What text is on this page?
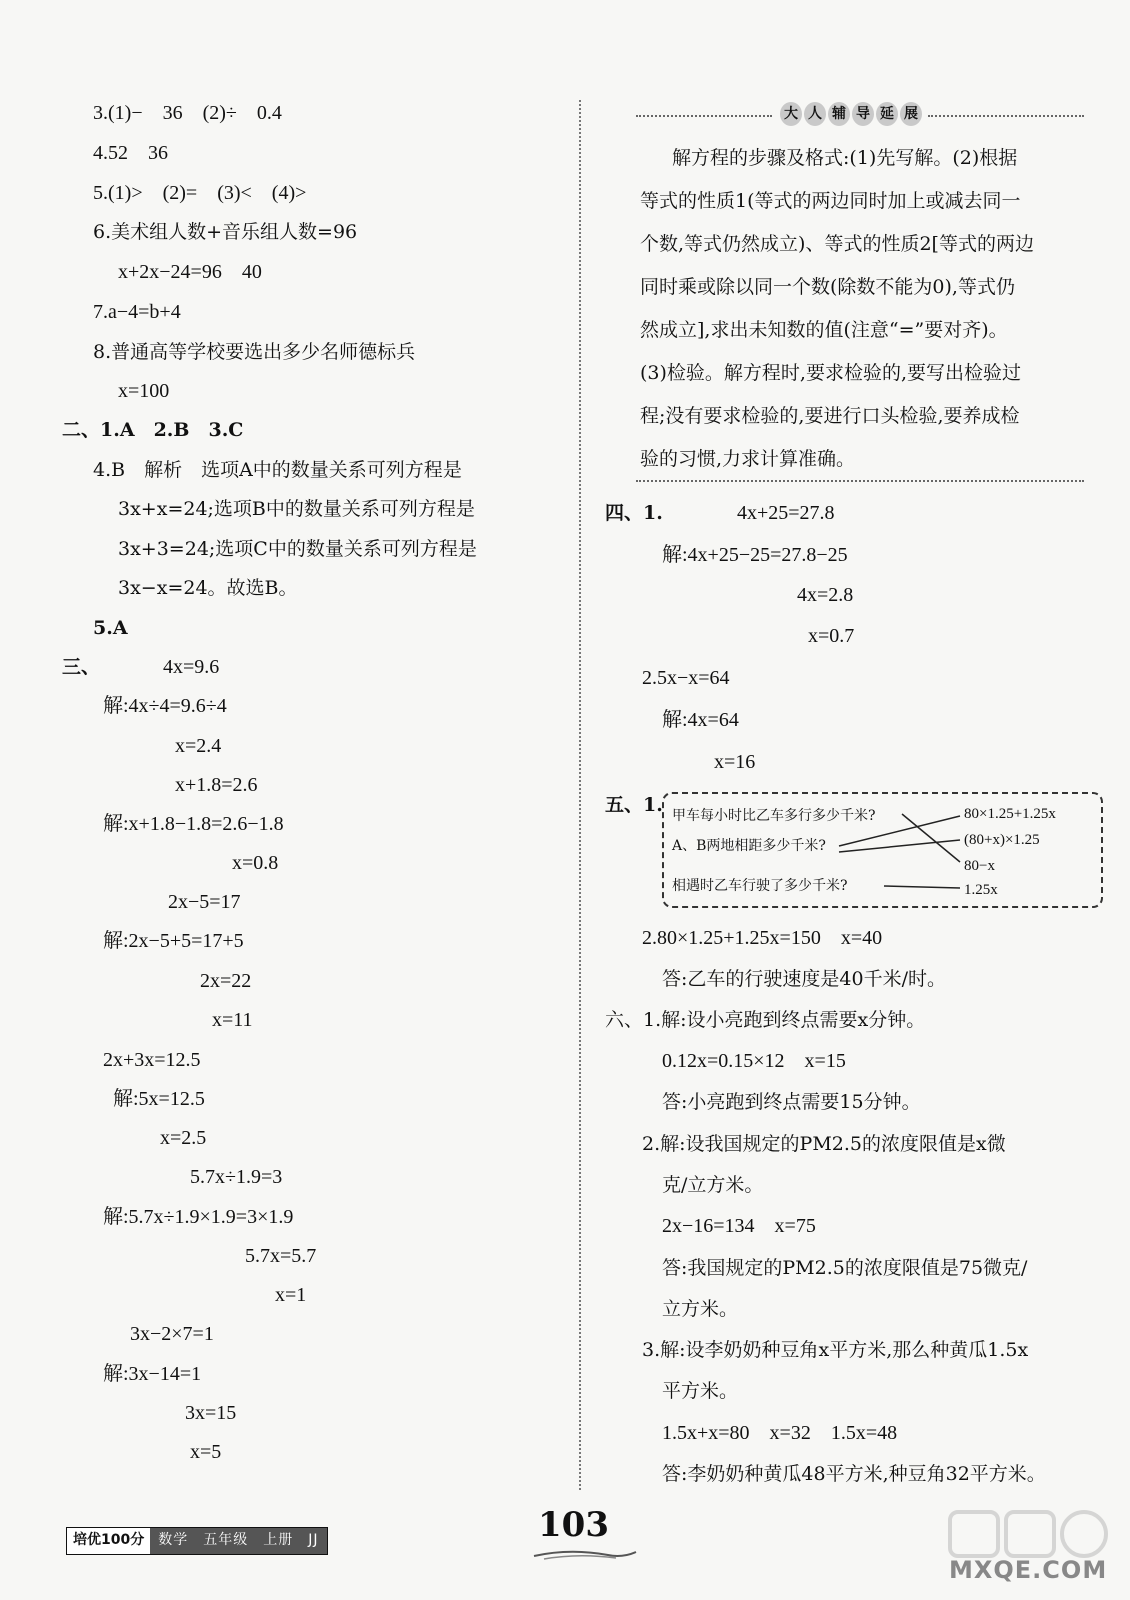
3.(1)−　36　(2)÷　0.4
4.52　36
5.(1)>　(2)=　(3)<　(4)>
6.美术组人数+音乐组人数=96
x+2x−24=96　40
7.a−4=b+4
8.普通高等学校要选出多少名师德标兵
x=100
二、1.A　2.B　3.C
4.B　解析　选项A中的数量关系可列方程是
3x+x=24;选项B中的数量关系可列方程是
3x+3=24;选项C中的数量关系可列方程是
3x−x=24。故选B。
5.A
三、	4x=9.6
解:4x÷4=9.6÷4
x=2.4
x+1.8=2.6
解:x+1.8−1.8=2.6−1.8
x=0.8
2x−5=17
解:2x−5+5=17+5
2x=22
x=11
2x+3x=12.5
解:5x=12.5
x=2.5
5.7x÷1.9=3
解:5.7x÷1.9×1.9=3×1.9
5.7x=5.7
x=1
3x−2×7=1
解:3x−14=1
3x=15
x=5
大 人 辅 导 延 展
解方程的步骤及格式:(1)先写解。(2)根据
等式的性质1(等式的两边同时加上或减去同一
个数,等式仍然成立)、等式的性质2[等式的两边
同时乘或除以同一个数(除数不能为0),等式仍
然成立],求出未知数的值(注意“=”要对齐)。
(3)检验。解方程时,要求检验的,要写出检验过
程;没有要求检验的,要进行口头检验,要养成检
验的习惯,力求计算准确。
四、1.	4x+25=27.8
解:4x+25−25=27.8−25
4x=2.8
x=0.7
2.5x−x=64
解:4x=64
x=16
五、1. 甲车每小时比乙车多行多少千米?
A、B两地相距多少千米?
相遇时乙车行驶了多少千米?
80×1.25+1.25x
(80+x)×1.25
80−x
1.25x
2.80×1.25+1.25x=150　x=40
答:乙车的行驶速度是40千米/时。
六、1.解:设小亮跑到终点需要x分钟。
0.12x=0.15×12　x=15
答:小亮跑到终点需要15分钟。
2.解:设我国规定的PM2.5的浓度限值是x微
克/立方米。
2x−16=134　x=75
答:我国规定的PM2.5的浓度限值是75微克/
立方米。
3.解:设李奶奶种豆角x平方米,那么种黄瓜1.5x
平方米。
1.5x+x=80　x=32　1.5x=48
答:李奶奶种黄瓜48平方米,种豆角32平方米。
培优100分	数学　五年级　上册　JJ	103
MXQE.COM
